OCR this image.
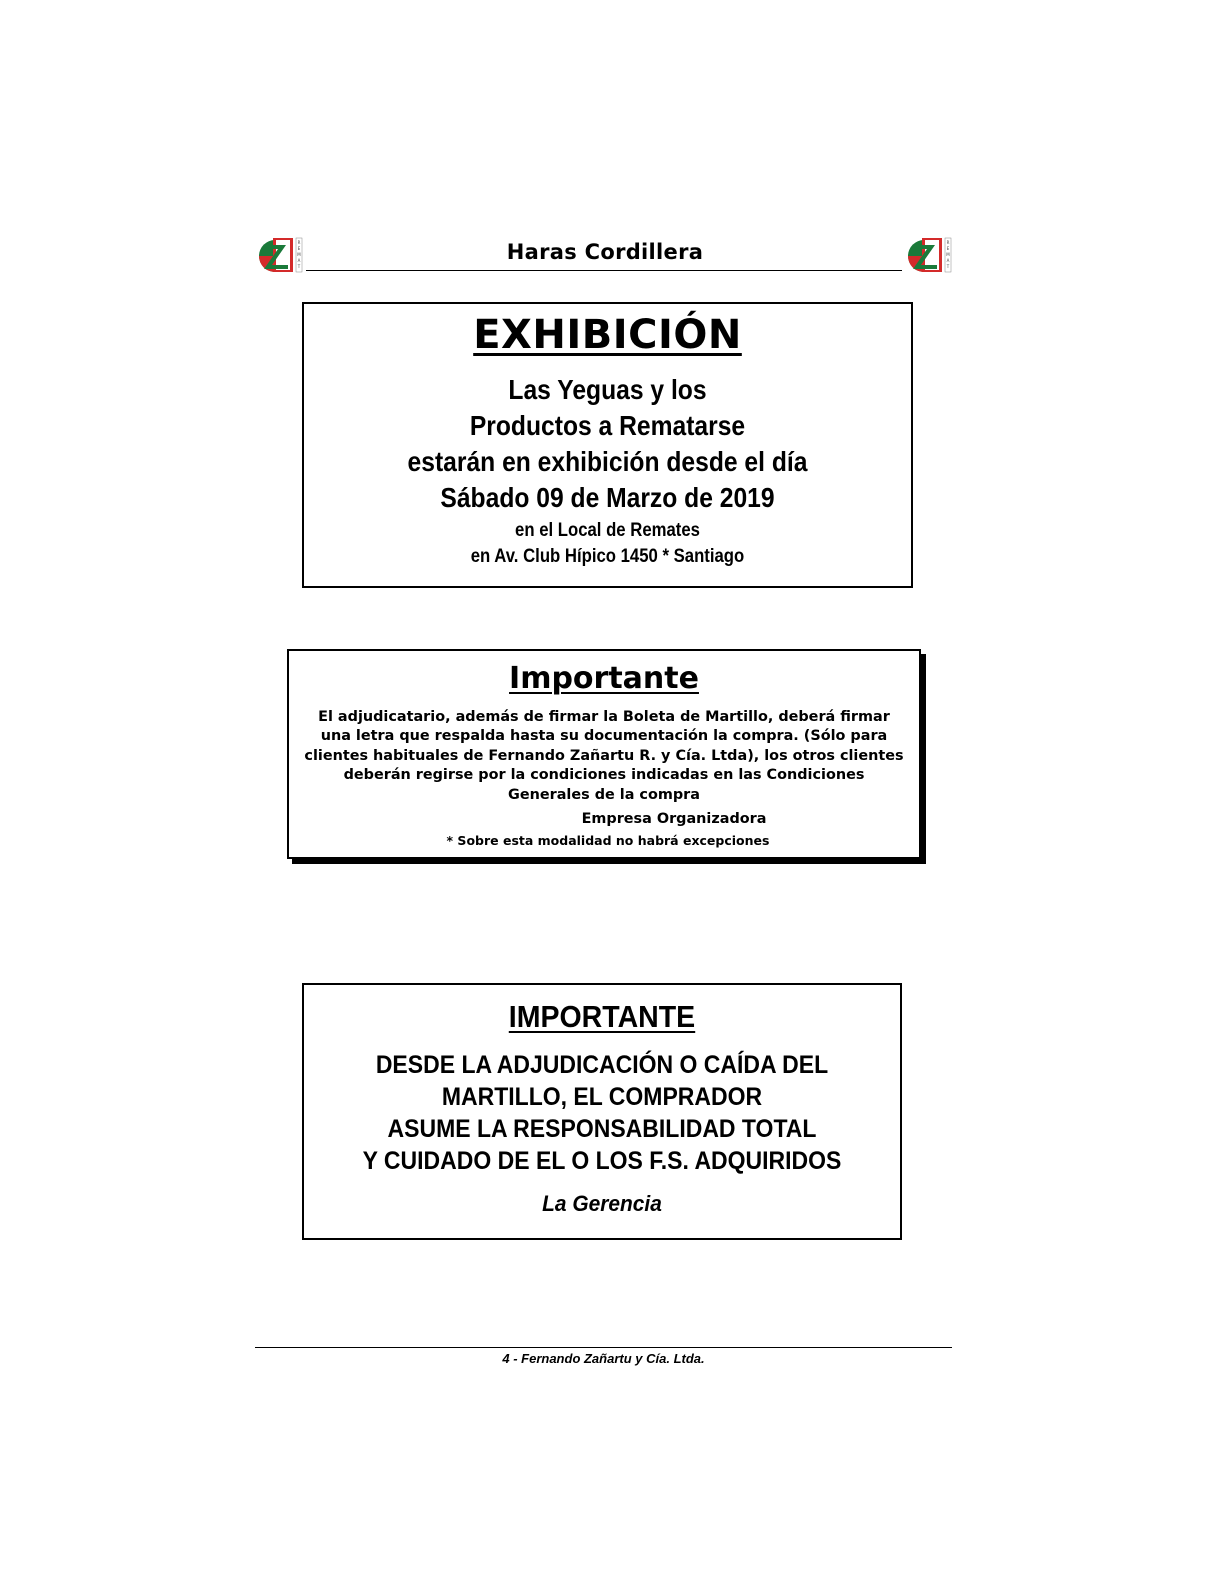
R
E
M
A
T
Haras Cordillera	R
E
M
A
T
EXHIBICIÓN
Las Yeguas y los
Productos a Rematarse
estarán en exhibición desde el día
Sábado 09 de Marzo de 2019
en el Local de Remates
en Av. Club Hípico 1450 * Santiago
Importante
El adjudicatario, además de firmar la Boleta de Martillo, deberá firmar una letra que respalda hasta su documentación la compra. (Sólo para clientes habituales de Fernando Zañartu R. y Cía. Ltda), los otros clientes deberán regirse por la condiciones indicadas en las Condiciones Generales de la compra
Empresa Organizadora
* Sobre esta modalidad no habrá excepciones
IMPORTANTE
DESDE LA ADJUDICACIÓN O CAÍDA DEL
MARTILLO, EL COMPRADOR
ASUME LA RESPONSABILIDAD TOTAL
Y CUIDADO DE EL O LOS F.S. ADQUIRIDOS
La Gerencia
4 - Fernando Zañartu y Cía. Ltda.
